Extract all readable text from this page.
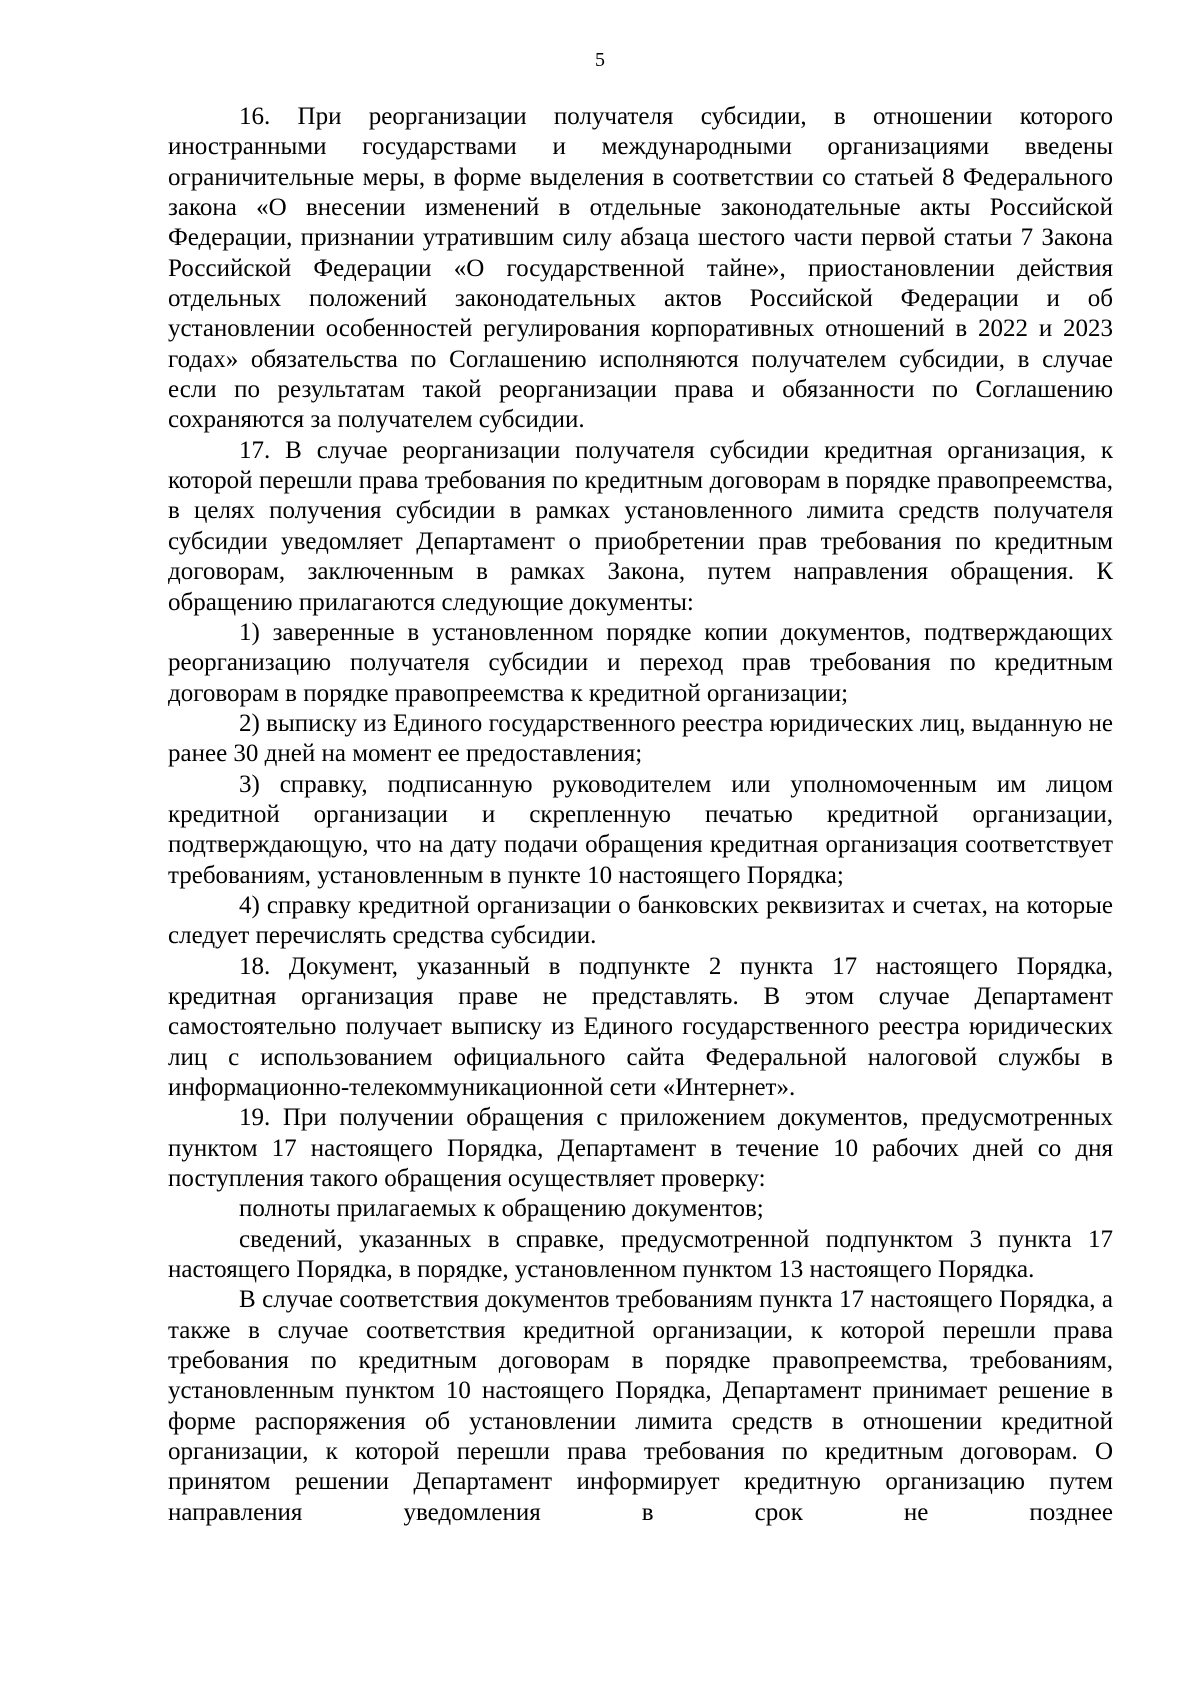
5

16. При реорганизации получателя субсидии, в отношении которого иностранными государствами и международными организациями введены ограничительные меры, в форме выделения в соответствии со статьей 8 Федерального закона «О внесении изменений в отдельные законодательные акты Российской Федерации, признании утратившим силу абзаца шестого части первой статьи 7 Закона Российской Федерации «О государственной тайне», приостановлении действия отдельных положений законодательных актов Российской Федерации и об установлении особенностей регулирования корпоративных отношений в 2022 и 2023 годах» обязательства по Соглашению исполняются получателем субсидии, в случае если по результатам такой реорганизации права и обязанности по Соглашению сохраняются за получателем субсидии.

17. В случае реорганизации получателя субсидии кредитная организация, к которой перешли права требования по кредитным договорам в порядке правопреемства, в целях получения субсидии в рамках установленного лимита средств получателя субсидии уведомляет Департамент о приобретении прав требования по кредитным договорам, заключенным в рамках Закона, путем направления обращения. К обращению прилагаются следующие документы:

1) заверенные в установленном порядке копии документов, подтверждающих реорганизацию получателя субсидии и переход прав требования по кредитным договорам в порядке правопреемства к кредитной организации;

2) выписку из Единого государственного реестра юридических лиц, выданную не ранее 30 дней на момент ее предоставления;

3) справку, подписанную руководителем или уполномоченным им лицом кредитной организации и скрепленную печатью кредитной организации, подтверждающую, что на дату подачи обращения кредитная организация соответствует требованиям, установленным в пункте 10 настоящего Порядка;

4) справку кредитной организации о банковских реквизитах и счетах, на которые следует перечислять средства субсидии.

18. Документ, указанный в подпункте 2 пункта 17 настоящего Порядка, кредитная организация праве не представлять. В этом случае Департамент самостоятельно получает выписку из Единого государственного реестра юридических лиц с использованием официального сайта Федеральной налоговой службы в информационно-телекоммуникационной сети «Интернет».

19. При получении обращения с приложением документов, предусмотренных пунктом 17 настоящего Порядка, Департамент в течение 10 рабочих дней со дня поступления такого обращения осуществляет проверку:

полноты прилагаемых к обращению документов;

сведений, указанных в справке, предусмотренной подпунктом 3 пункта 17 настоящего Порядка, в порядке, установленном пунктом 13 настоящего Порядка.

В случае соответствия документов требованиям пункта 17 настоящего Порядка, а также в случае соответствия кредитной организации, к которой перешли права требования по кредитным договорам в порядке правопреемства, требованиям, установленным пунктом 10 настоящего Порядка, Департамент принимает решение в форме распоряжения об установлении лимита средств в отношении кредитной организации, к которой перешли права требования по кредитным договорам. О принятом решении Департамент информирует кредитную организацию путем направления уведомления в срок не позднее
